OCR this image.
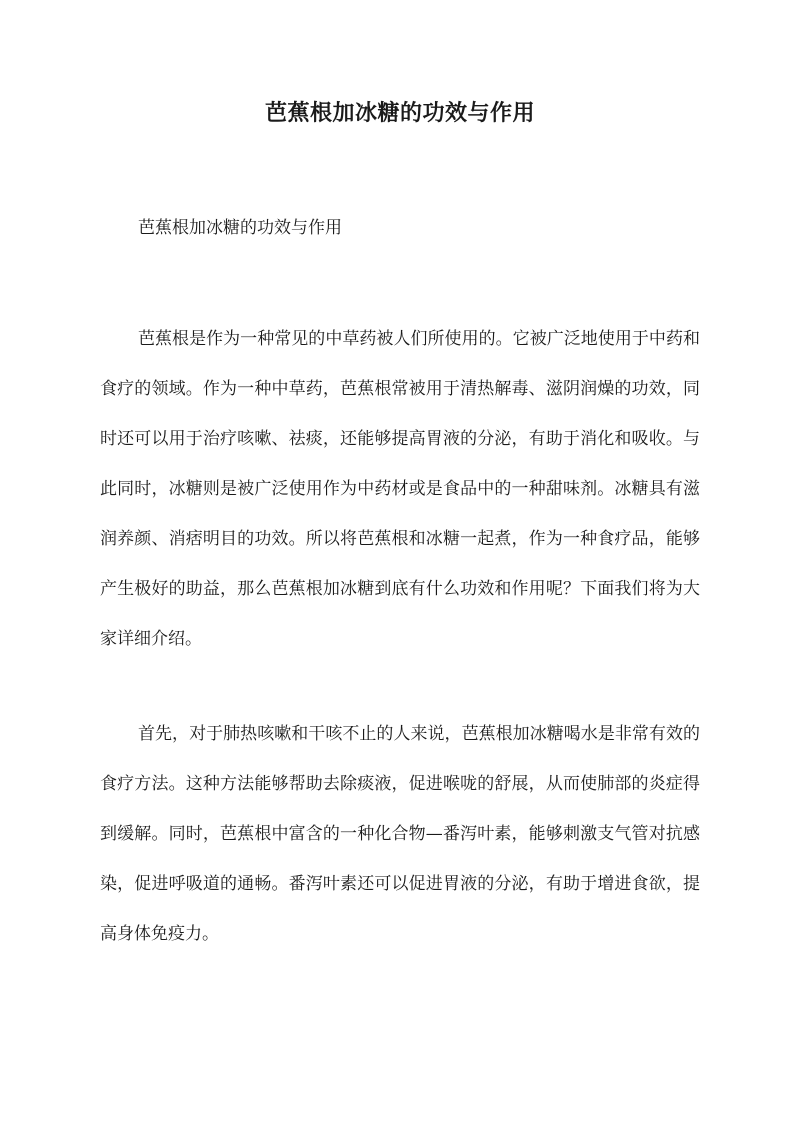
芭蕉根加冰糖的功效与作用
芭蕉根加冰糖的功效与作用
芭蕉根是作为一种常见的中草药被人们所使用的。它被广泛地使用于中药和食疗的领域。作为一种中草药，芭蕉根常被用于清热解毒、滋阴润燥的功效，同时还可以用于治疗咳嗽、祛痰，还能够提高胃液的分泌，有助于消化和吸收。与此同时，冰糖则是被广泛使用作为中药材或是食品中的一种甜味剂。冰糖具有滋润养颜、消痞明目的功效。所以将芭蕉根和冰糖一起煮，作为一种食疗品，能够产生极好的助益，那么芭蕉根加冰糖到底有什么功效和作用呢？下面我们将为大家详细介绍。
首先，对于肺热咳嗽和干咳不止的人来说，芭蕉根加冰糖喝水是非常有效的食疗方法。这种方法能够帮助去除痰液，促进喉咙的舒展，从而使肺部的炎症得到缓解。同时，芭蕉根中富含的一种化合物—番泻叶素，能够刺激支气管对抗感染，促进呼吸道的通畅。番泻叶素还可以促进胃液的分泌，有助于增进食欲，提高身体免疫力。
